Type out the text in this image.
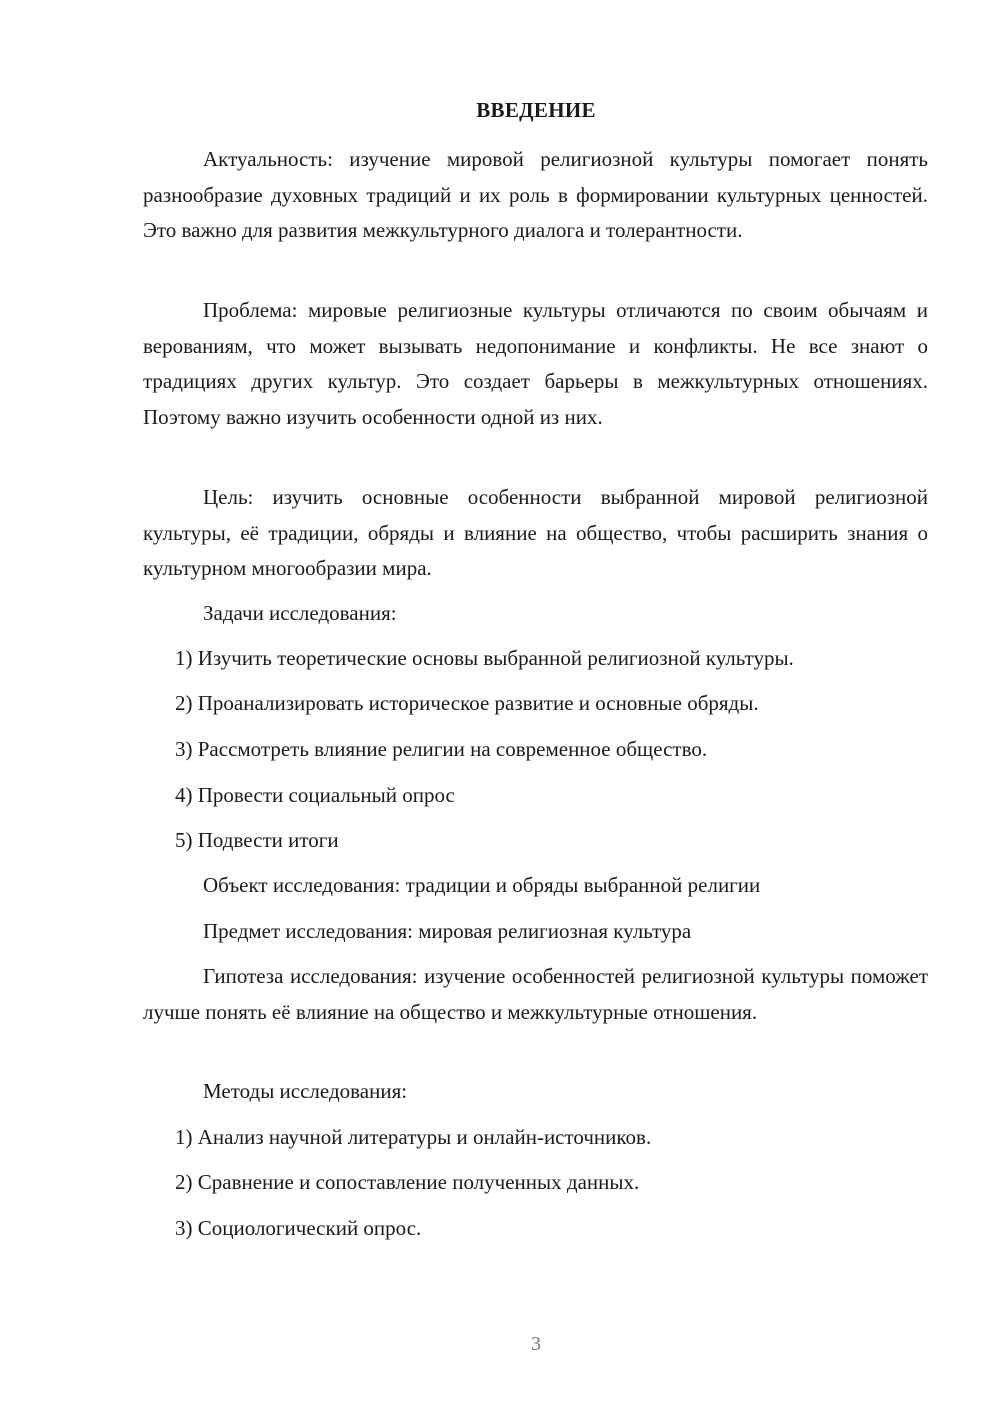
ВВЕДЕНИЕ
Актуальность: изучение мировой религиозной культуры помогает понять разнообразие духовных традиций и их роль в формировании культурных ценностей. Это важно для развития межкультурного диалога и толерантности.
Проблема: мировые религиозные культуры отличаются по своим обычаям и верованиям, что может вызывать недопонимание и конфликты. Не все знают о традициях других культур. Это создает барьеры в межкультурных отношениях. Поэтому важно изучить особенности одной из них.
Цель: изучить основные особенности выбранной мировой религиозной культуры, её традиции, обряды и влияние на общество, чтобы расширить знания о культурном многообразии мира.
Задачи исследования:
1) Изучить теоретические основы выбранной религиозной культуры.
2) Проанализировать историческое развитие и основные обряды.
3) Рассмотреть влияние религии на современное общество.
4) Провести социальный опрос
5) Подвести итоги
Объект исследования: традиции и обряды выбранной религии
Предмет исследования: мировая религиозная культура
Гипотеза исследования: изучение особенностей религиозной культуры поможет лучше понять её влияние на общество и межкультурные отношения.
Методы исследования:
1) Анализ научной литературы и онлайн-источников.
2) Сравнение и сопоставление полученных данных.
3) Социологический опрос.
3
